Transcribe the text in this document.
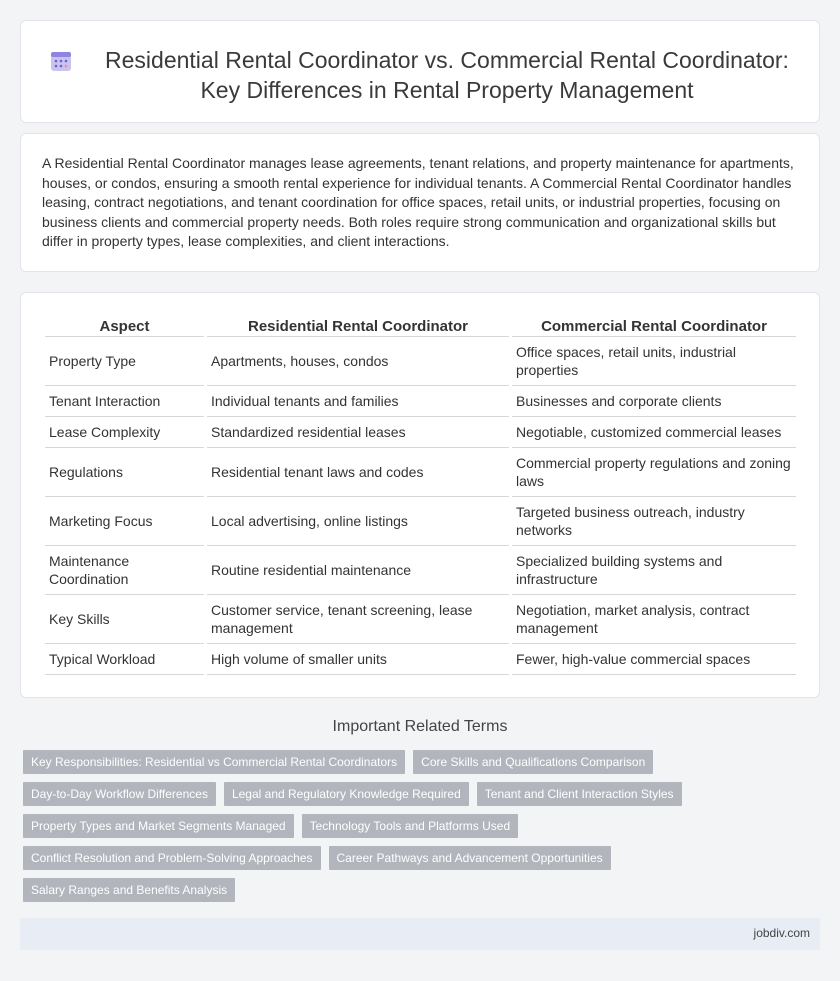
Residential Rental Coordinator vs. Commercial Rental Coordinator: Key Differences in Rental Property Management

A Residential Rental Coordinator manages lease agreements, tenant relations, and property maintenance for apartments, houses, or condos, ensuring a smooth rental experience for individual tenants. A Commercial Rental Coordinator handles leasing, contract negotiations, and tenant coordination for office spaces, retail units, or industrial properties, focusing on business clients and commercial property needs. Both roles require strong communication and organizational skills but differ in property types, lease complexities, and client interactions.

Aspect	Residential Rental Coordinator	Commercial Rental Coordinator
Property Type	Apartments, houses, condos	Office spaces, retail units, industrial properties
Tenant Interaction	Individual tenants and families	Businesses and corporate clients
Lease Complexity	Standardized residential leases	Negotiable, customized commercial leases
Regulations	Residential tenant laws and codes	Commercial property regulations and zoning laws
Marketing Focus	Local advertising, online listings	Targeted business outreach, industry networks
Maintenance Coordination	Routine residential maintenance	Specialized building systems and infrastructure
Key Skills	Customer service, tenant screening, lease management	Negotiation, market analysis, contract management
Typical Workload	High volume of smaller units	Fewer, high-value commercial spaces
Important Related Terms
Key Responsibilities: Residential vs Commercial Rental Coordinators	Core Skills and Qualifications Comparison
Day-to-Day Workflow Differences	Legal and Regulatory Knowledge Required	Tenant and Client Interaction Styles
Property Types and Market Segments Managed	Technology Tools and Platforms Used
Conflict Resolution and Problem-Solving Approaches	Career Pathways and Advancement Opportunities
Salary Ranges and Benefits Analysis
jobdiv.com
